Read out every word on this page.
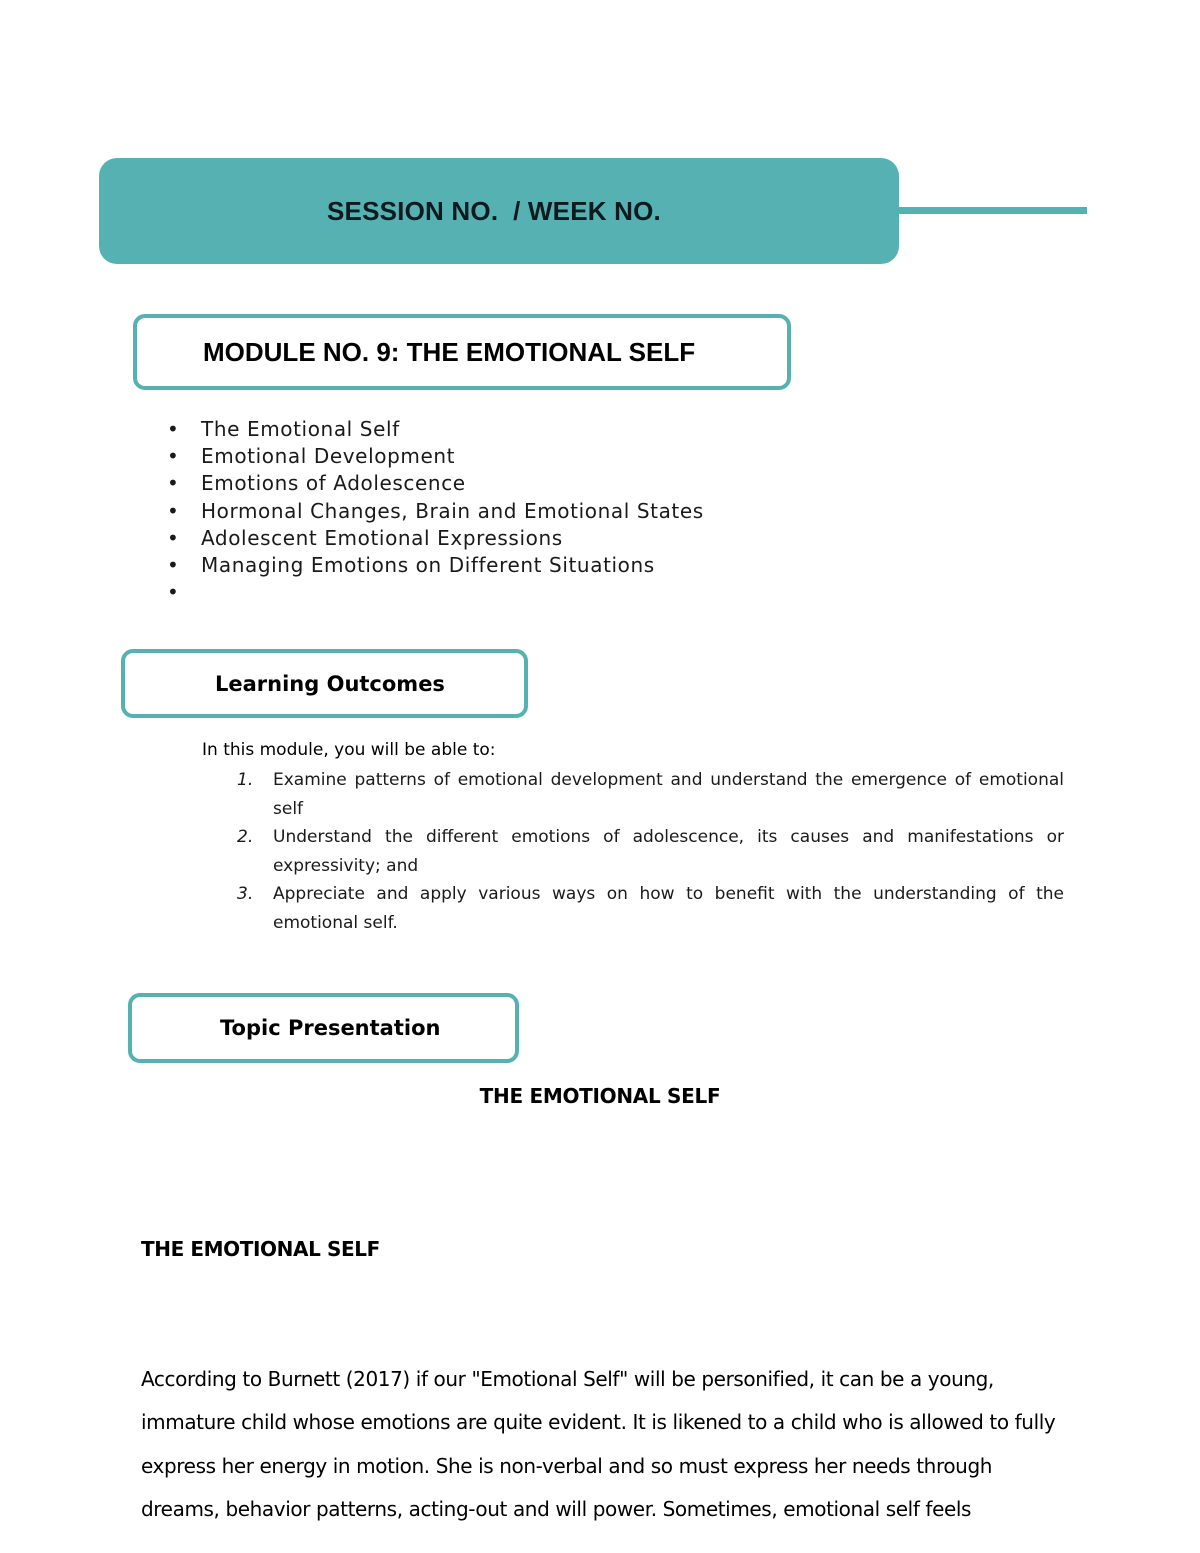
SESSION NO.  / WEEK NO.
MODULE NO. 9: THE EMOTIONAL SELF
• The Emotional Self
• Emotional Development
• Emotions of Adolescence
• Hormonal Changes, Brain and Emotional States
• Adolescent Emotional Expressions
• Managing Emotions on Different Situations
•
Learning Outcomes
In this module, you will be able to:
1. Examine patterns of emotional development and understand the emergence of emotional self
2. Understand the different emotions of adolescence, its causes and manifestations or expressivity; and
3. Appreciate and apply various ways on how to benefit with the understanding of the emotional self.
Topic Presentation
THE EMOTIONAL SELF
THE EMOTIONAL SELF
According to Burnett (2017) if our "Emotional Self" will be personified, it can be a young,
immature child whose emotions are quite evident. It is likened to a child who is allowed to fully
express her energy in motion. She is non-verbal and so must express her needs through
dreams, behavior patterns, acting-out and will power. Sometimes, emotional self feels
